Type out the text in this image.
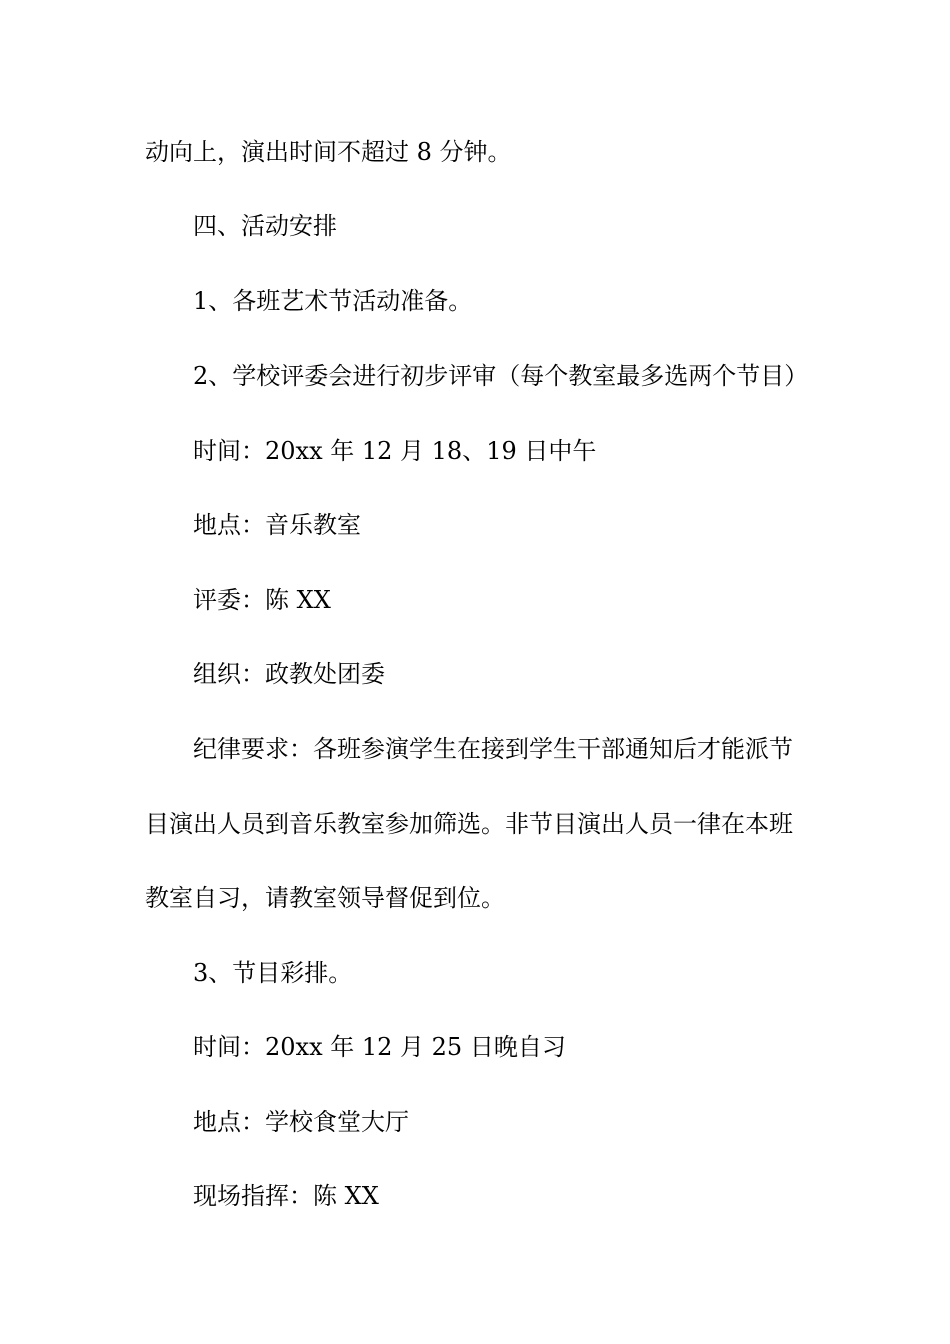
动向上，演出时间不超过 8 分钟。
四、活动安排
1、各班艺术节活动准备。
2、学校评委会进行初步评审（每个教室最多选两个节目）
时间：20xx 年 12 月 18、19 日中午
地点：音乐教室
评委：陈 XX
组织：政教处团委
纪律要求：各班参演学生在接到学生干部通知后才能派节
目演出人员到音乐教室参加筛选。非节目演出人员一律在本班
教室自习，请教室领导督促到位。
3、节目彩排。
时间：20xx 年 12 月 25 日晚自习
地点：学校食堂大厅
现场指挥：陈 XX
